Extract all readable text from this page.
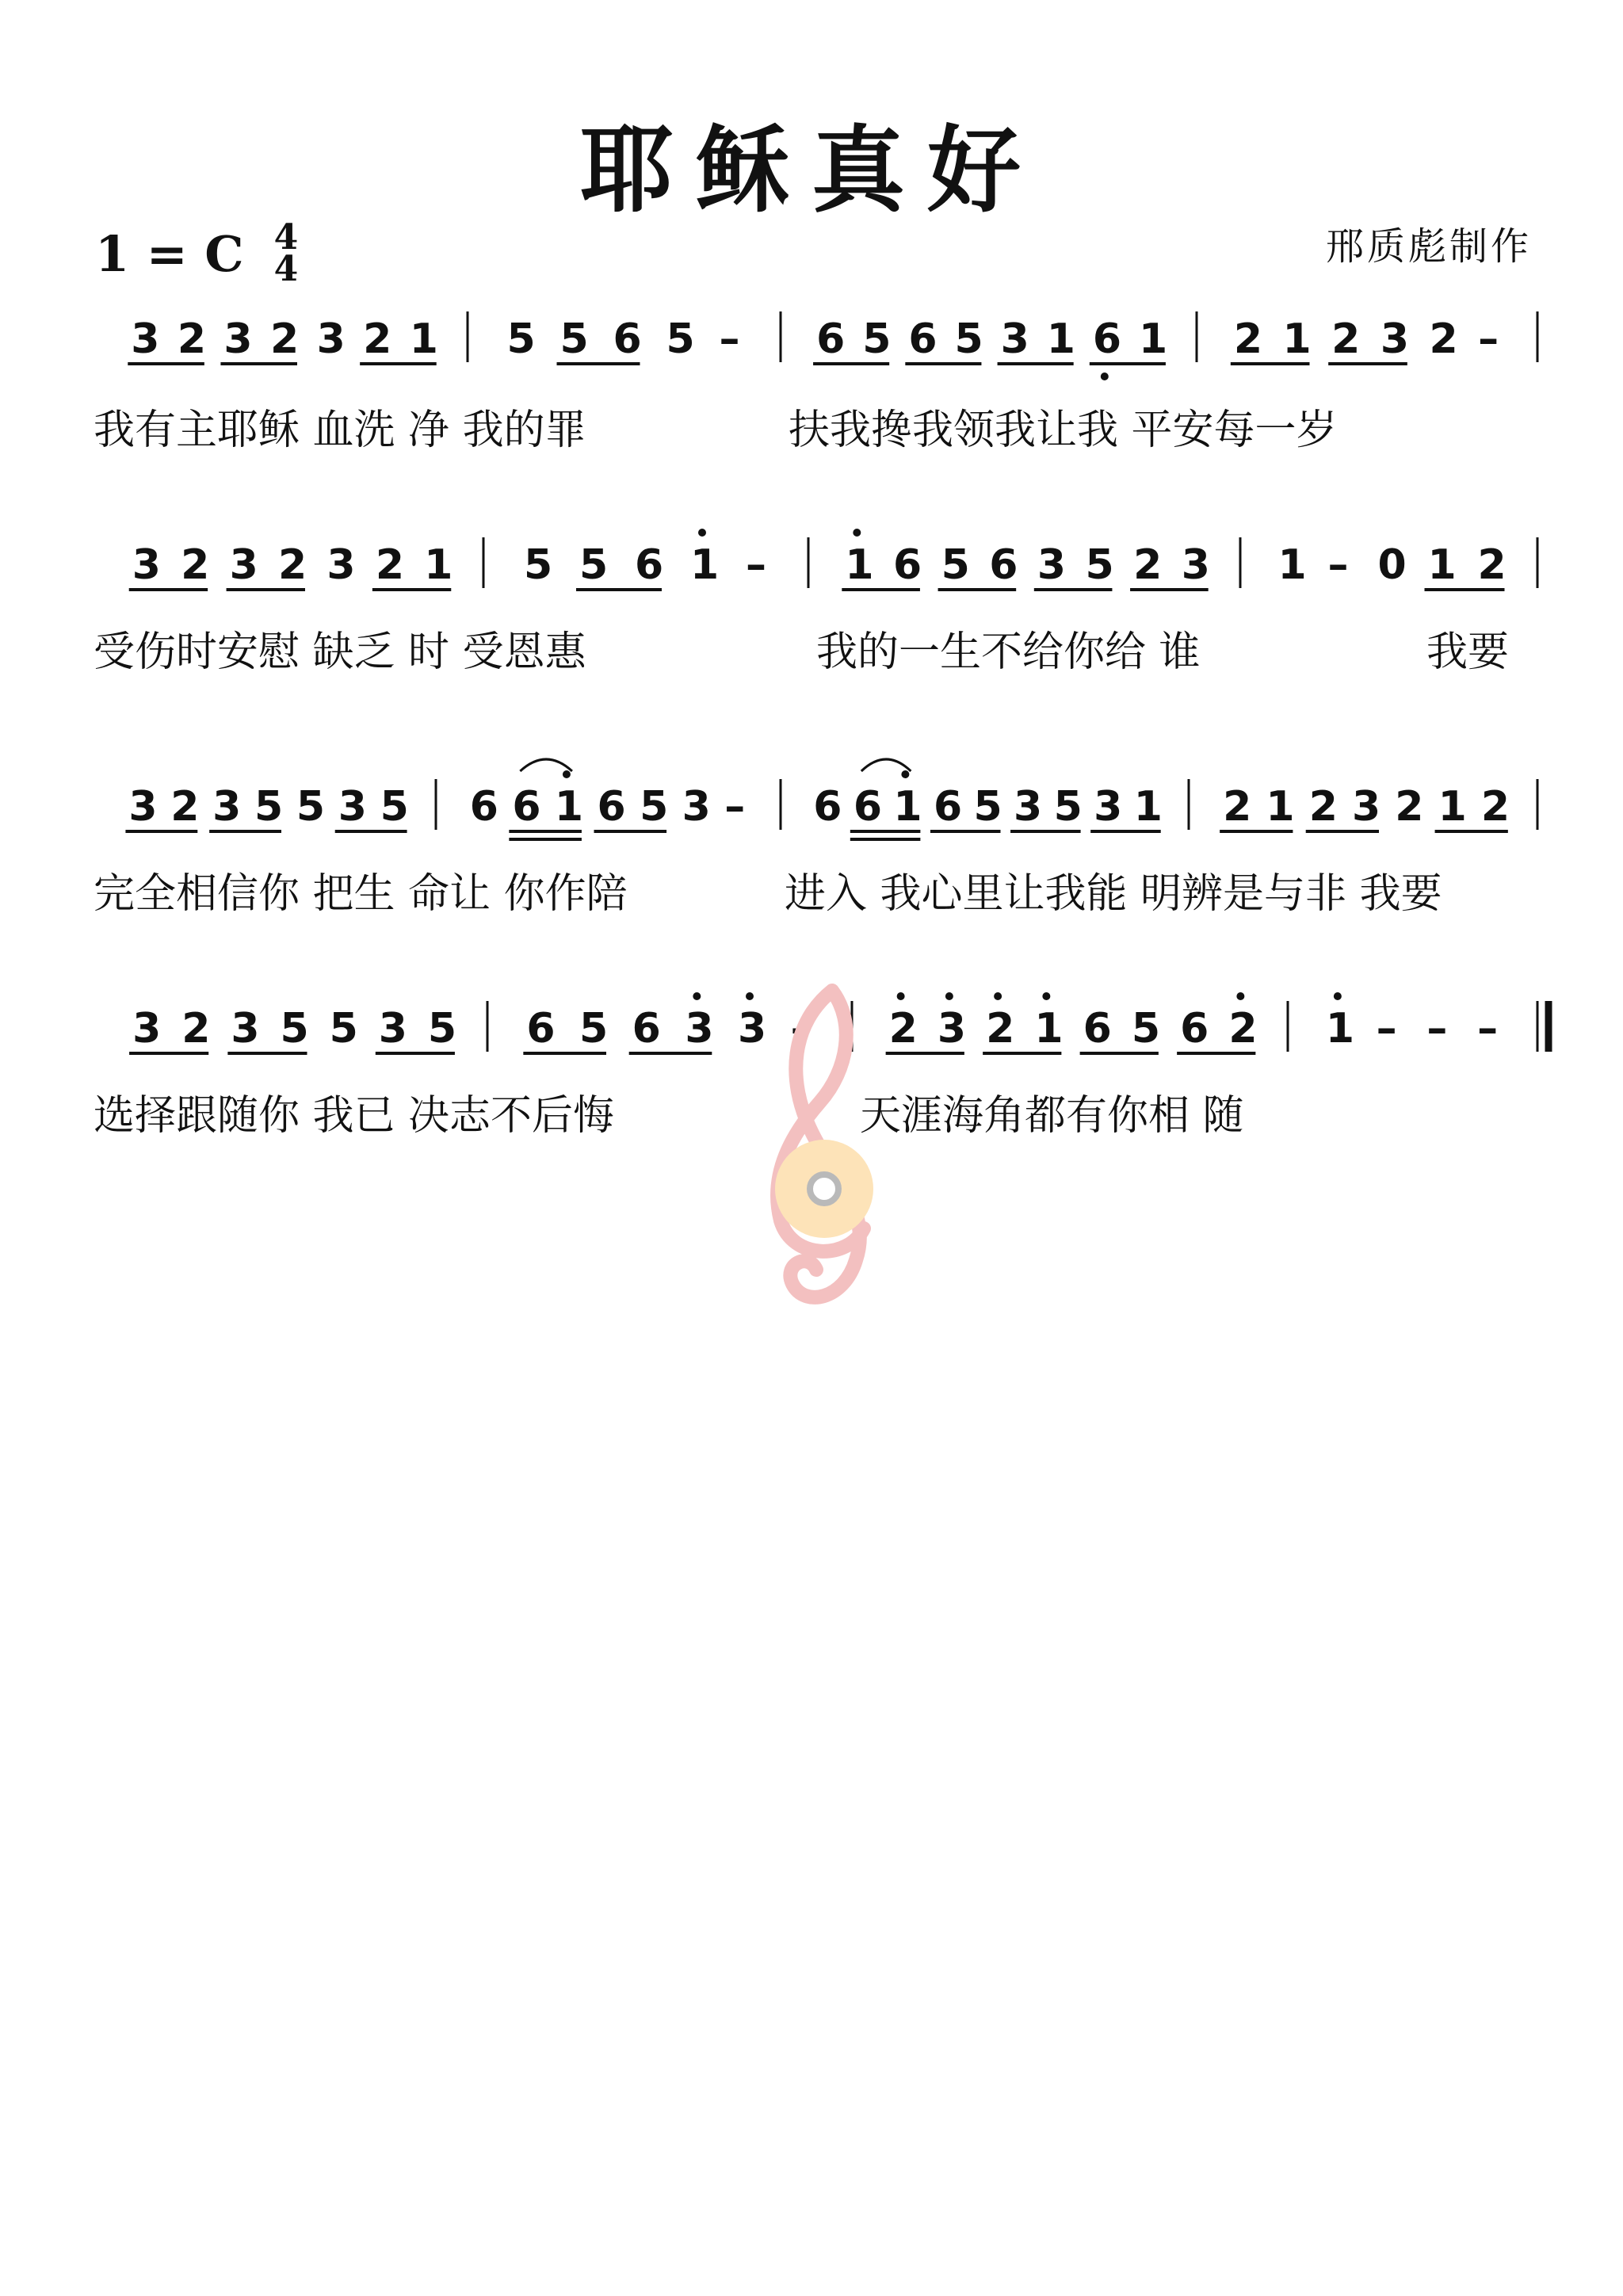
耶稣真好
1 = C 4
4
邢质彪制作
3 2 3 2 3 2 1 5 5 6 5 – 6 5 6 5 3 1 6 1 2 1 2 3 2 –
我有主耶稣 血洗 净 我的罪	扶我搀我领我让我 平安每一岁
3 2 3 2 3 2 1 5 5 6 1 – 1 6 5 6 3 5 2 3 1 – 0 1 2
受伤时安慰 缺乏 时 受恩惠	我的一生不给你给 谁	我要
3 2 3 5 5 3 5 6 6 1 6 5 3 – 6 6 1 6 5 3 5 3 1 2 1 2 3 2 1 2
完全相信你 把生 命让 你作陪	进入 我心里让我能 明辨是与非 我要
3 2 3 5 5 3 5 6 5 6 3 3 – 2 3 2 1 6 5 6 2 1 – – –
选择跟随你 我已 决志不后悔	天涯海角都有你相 随
